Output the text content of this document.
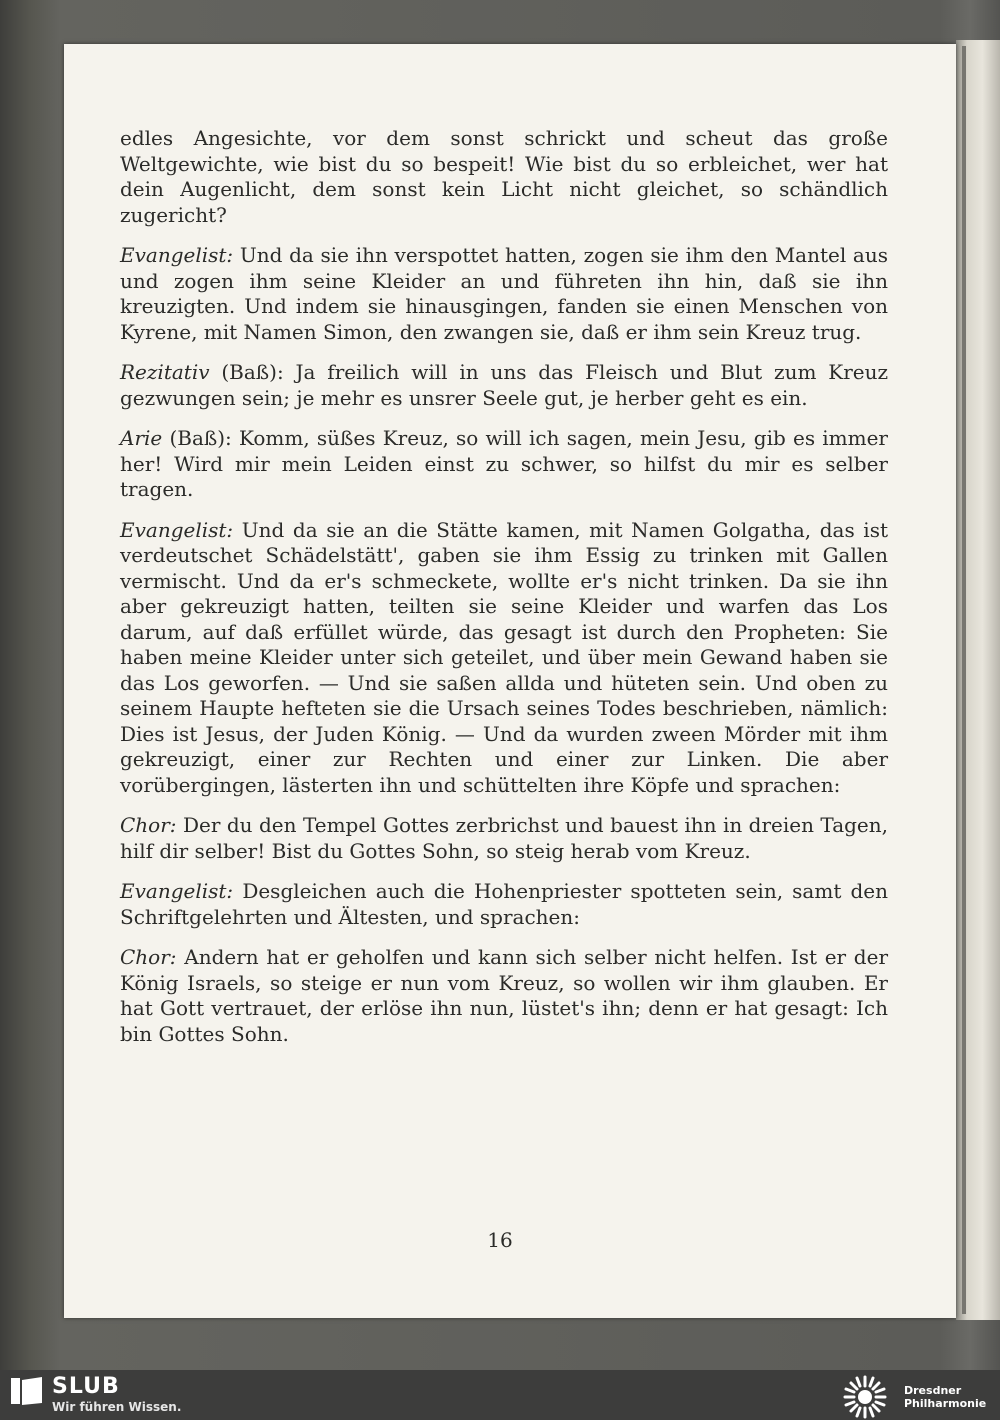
edles Angesichte, vor dem sonst schrickt und scheut das große Weltgewichte, wie bist du so bespeit! Wie bist du so erbleichet, wer hat dein Augenlicht, dem sonst kein Licht nicht gleichet, so schändlich zugericht?

Evangelist: Und da sie ihn verspottet hatten, zogen sie ihm den Mantel aus und zogen ihm seine Kleider an und führeten ihn hin, daß sie ihn kreuzigten. Und indem sie hinausgingen, fanden sie einen Menschen von Kyrene, mit Namen Simon, den zwangen sie, daß er ihm sein Kreuz trug.

Rezitativ (Baß): Ja freilich will in uns das Fleisch und Blut zum Kreuz gezwungen sein; je mehr es unsrer Seele gut, je herber geht es ein.

Arie (Baß): Komm, süßes Kreuz, so will ich sagen, mein Jesu, gib es immer her! Wird mir mein Leiden einst zu schwer, so hilfst du mir es selber tragen.

Evangelist: Und da sie an die Stätte kamen, mit Namen Golgatha, das ist verdeutschet Schädelstätt', gaben sie ihm Essig zu trinken mit Gallen vermischt. Und da er's schmeckete, wollte er's nicht trinken. Da sie ihn aber gekreuzigt hatten, teilten sie seine Kleider und warfen das Los darum, auf daß erfüllet würde, das gesagt ist durch den Propheten: Sie haben meine Kleider unter sich geteilet, und über mein Gewand haben sie das Los geworfen. — Und sie saßen allda und hüteten sein. Und oben zu seinem Haupte hefteten sie die Ursach seines Todes beschrieben, nämlich: Dies ist Jesus, der Juden König. — Und da wurden zween Mörder mit ihm gekreuzigt, einer zur Rechten und einer zur Linken. Die aber vorübergingen, lästerten ihn und schüttelten ihre Köpfe und sprachen:

Chor: Der du den Tempel Gottes zerbrichst und bauest ihn in dreien Tagen, hilf dir selber! Bist du Gottes Sohn, so steig herab vom Kreuz.

Evangelist: Desgleichen auch die Hohenpriester spotteten sein, samt den Schriftgelehrten und Ältesten, und sprachen:

Chor: Andern hat er geholfen und kann sich selber nicht helfen. Ist er der König Israels, so steige er nun vom Kreuz, so wollen wir ihm glauben. Er hat Gott vertrauet, der erlöse ihn nun, lüstet's ihn; denn er hat gesagt: Ich bin Gottes Sohn.

16
SLUB
Wir führen Wissen.
Dresdner
Philharmonie
